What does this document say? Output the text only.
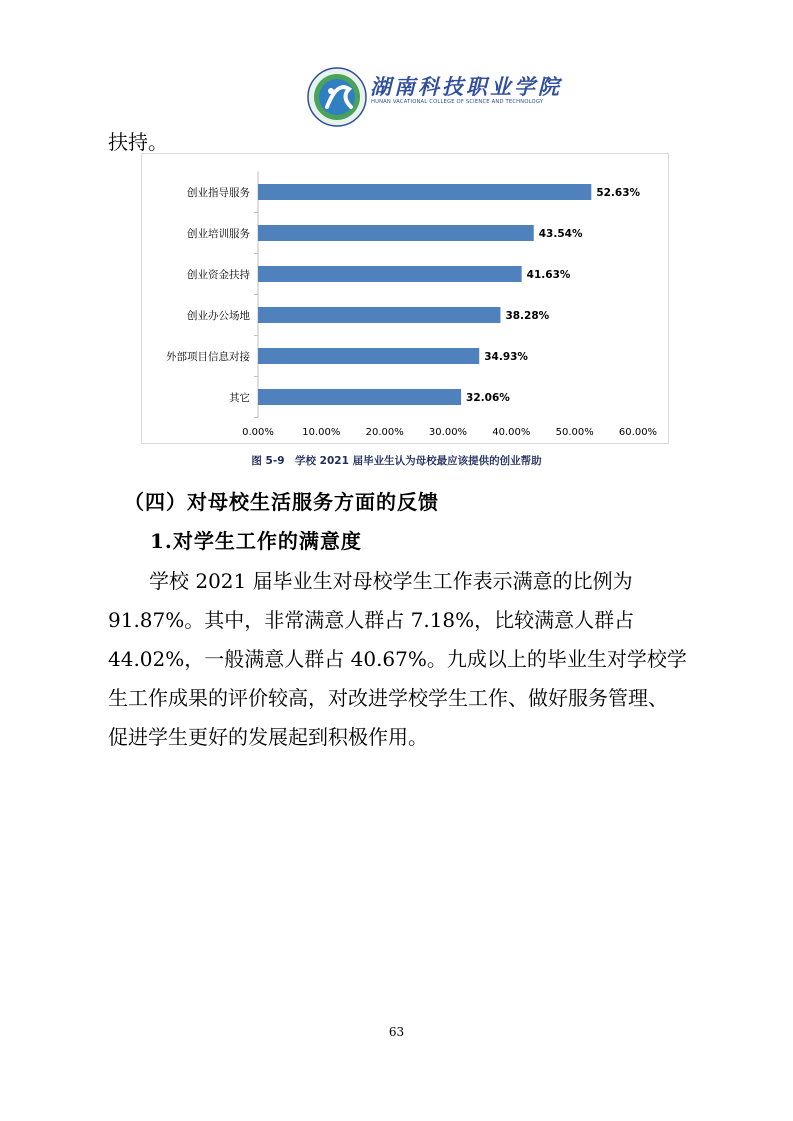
湖南科技职业学院
HUNAN VACATIONAL COLLEGE OF SCIENCE AND TECHNOLOGY
扶持。
创业指导服务	52.63%
创业培训服务	43.54%
创业资金扶持	41.63%
创业办公场地	38.28%
外部项目信息对接	34.93%
其它	32.06%
0.00%	10.00%	20.00%	30.00%	40.00%	50.00%	60.00%
图 5-9　学校 2021 届毕业生认为母校最应该提供的创业帮助
（四）对母校生活服务方面的反馈
1.对学生工作的满意度
学校 2021 届毕业生对母校学生工作表示满意的比例为
91.87%。其中，非常满意人群占 7.18%，比较满意人群占
44.02%，一般满意人群占 40.67%。九成以上的毕业生对学校学
生工作成果的评价较高，对改进学校学生工作、做好服务管理、
促进学生更好的发展起到积极作用。
63
